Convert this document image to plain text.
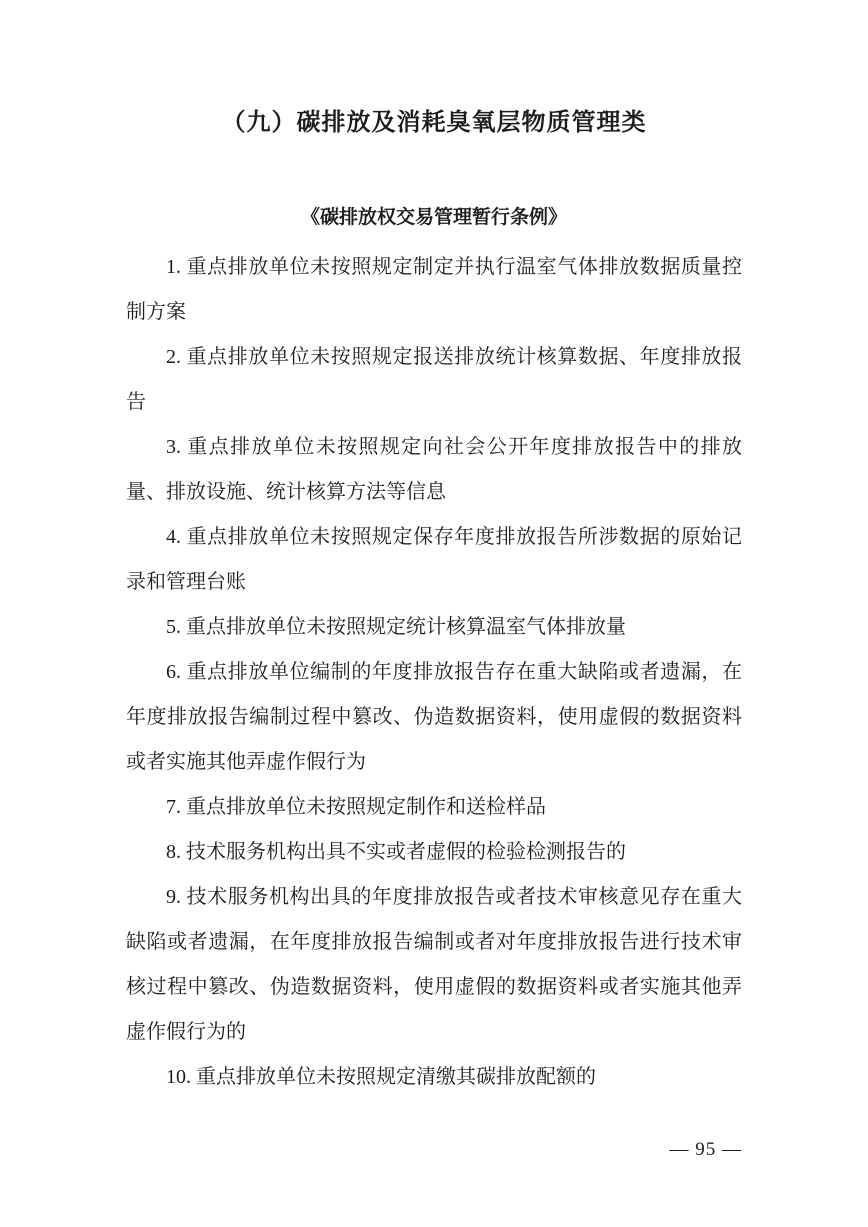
（九）碳排放及消耗臭氧层物质管理类
《碳排放权交易管理暂行条例》

1. 重点排放单位未按照规定制定并执行温室气体排放数据质量控制方案

2. 重点排放单位未按照规定报送排放统计核算数据、年度排放报告

3. 重点排放单位未按照规定向社会公开年度排放报告中的排放量、排放设施、统计核算方法等信息

4. 重点排放单位未按照规定保存年度排放报告所涉数据的原始记录和管理台账

5. 重点排放单位未按照规定统计核算温室气体排放量

6. 重点排放单位编制的年度排放报告存在重大缺陷或者遗漏，在年度排放报告编制过程中篡改、伪造数据资料，使用虚假的数据资料或者实施其他弄虚作假行为

7. 重点排放单位未按照规定制作和送检样品

8. 技术服务机构出具不实或者虚假的检验检测报告的

9. 技术服务机构出具的年度排放报告或者技术审核意见存在重大缺陷或者遗漏，在年度排放报告编制或者对年度排放报告进行技术审核过程中篡改、伪造数据资料，使用虚假的数据资料或者实施其他弄虚作假行为的

10. 重点排放单位未按照规定清缴其碳排放配额的

— 95 —
